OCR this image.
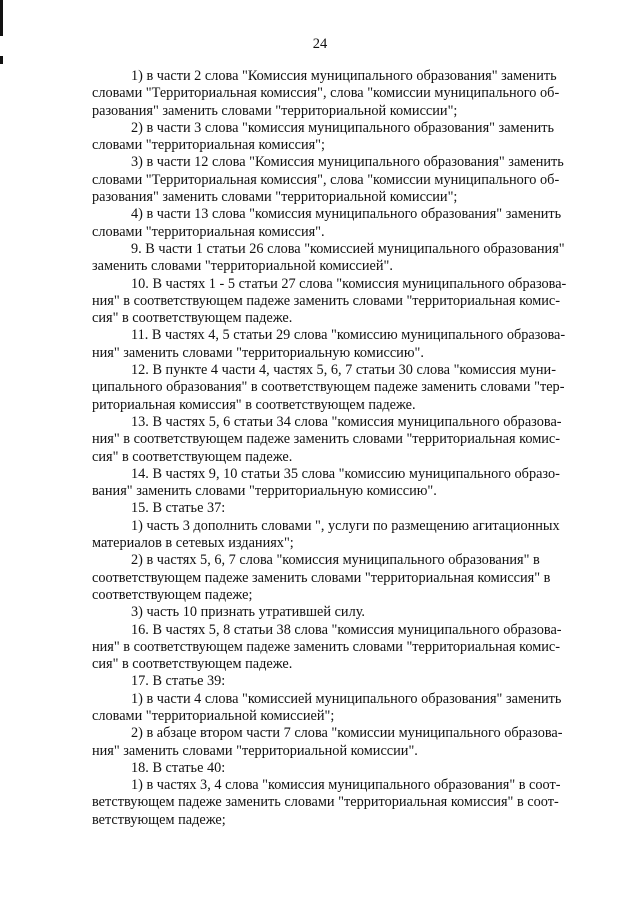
24

1) в части 2 слова "Комиссия муниципального образования" заменить
словами "Территориальная комиссия", слова "комиссии муниципального об-
разования" заменить словами "территориальной комиссии";

2) в части 3 слова "комиссия муниципального образования" заменить
словами "территориальная комиссия";

3) в части 12 слова "Комиссия муниципального образования" заменить
словами "Территориальная комиссия", слова "комиссии муниципального об-
разования" заменить словами "территориальной комиссии";

4) в части 13 слова "комиссия муниципального образования" заменить
словами "территориальная комиссия".

9. В части 1 статьи 26 слова "комиссией муниципального образования"
заменить словами "территориальной комиссией".

10. В частях 1 - 5 статьи 27 слова "комиссия муниципального образова-
ния" в соответствующем падеже заменить словами "территориальная комис-
сия" в соответствующем падеже.

11. В частях 4, 5 статьи 29 слова "комиссию муниципального образова-
ния" заменить словами "территориальную комиссию".

12. В пункте 4 части 4, частях 5, 6, 7 статьи 30 слова "комиссия муни-
ципального образования" в соответствующем падеже заменить словами "тер-
риториальная комиссия" в соответствующем падеже.

13. В частях 5, 6 статьи 34 слова "комиссия муниципального образова-
ния" в соответствующем падеже заменить словами "территориальная комис-
сия" в соответствующем падеже.

14. В частях 9, 10 статьи 35 слова "комиссию муниципального образо-
вания" заменить словами "территориальную комиссию".

15. В статье 37:

1) часть 3 дополнить словами ", услуги по размещению агитационных
материалов в сетевых изданиях";

2) в частях 5, 6, 7 слова "комиссия муниципального образования" в
соответствующем падеже заменить словами "территориальная комиссия" в
соответствующем падеже;

3) часть 10 признать утратившей силу.

16. В частях 5, 8 статьи 38 слова "комиссия муниципального образова-
ния" в соответствующем падеже заменить словами "территориальная комис-
сия" в соответствующем падеже.

17. В статье 39:

1) в части 4 слова "комиссией муниципального образования" заменить
словами "территориальной комиссией";

2) в абзаце втором части 7 слова "комиссии муниципального образова-
ния" заменить словами "территориальной комиссии".

18. В статье 40:

1) в частях 3, 4 слова "комиссия муниципального образования" в соот-
ветствующем падеже заменить словами "территориальная комиссия" в соот-
ветствующем падеже;
